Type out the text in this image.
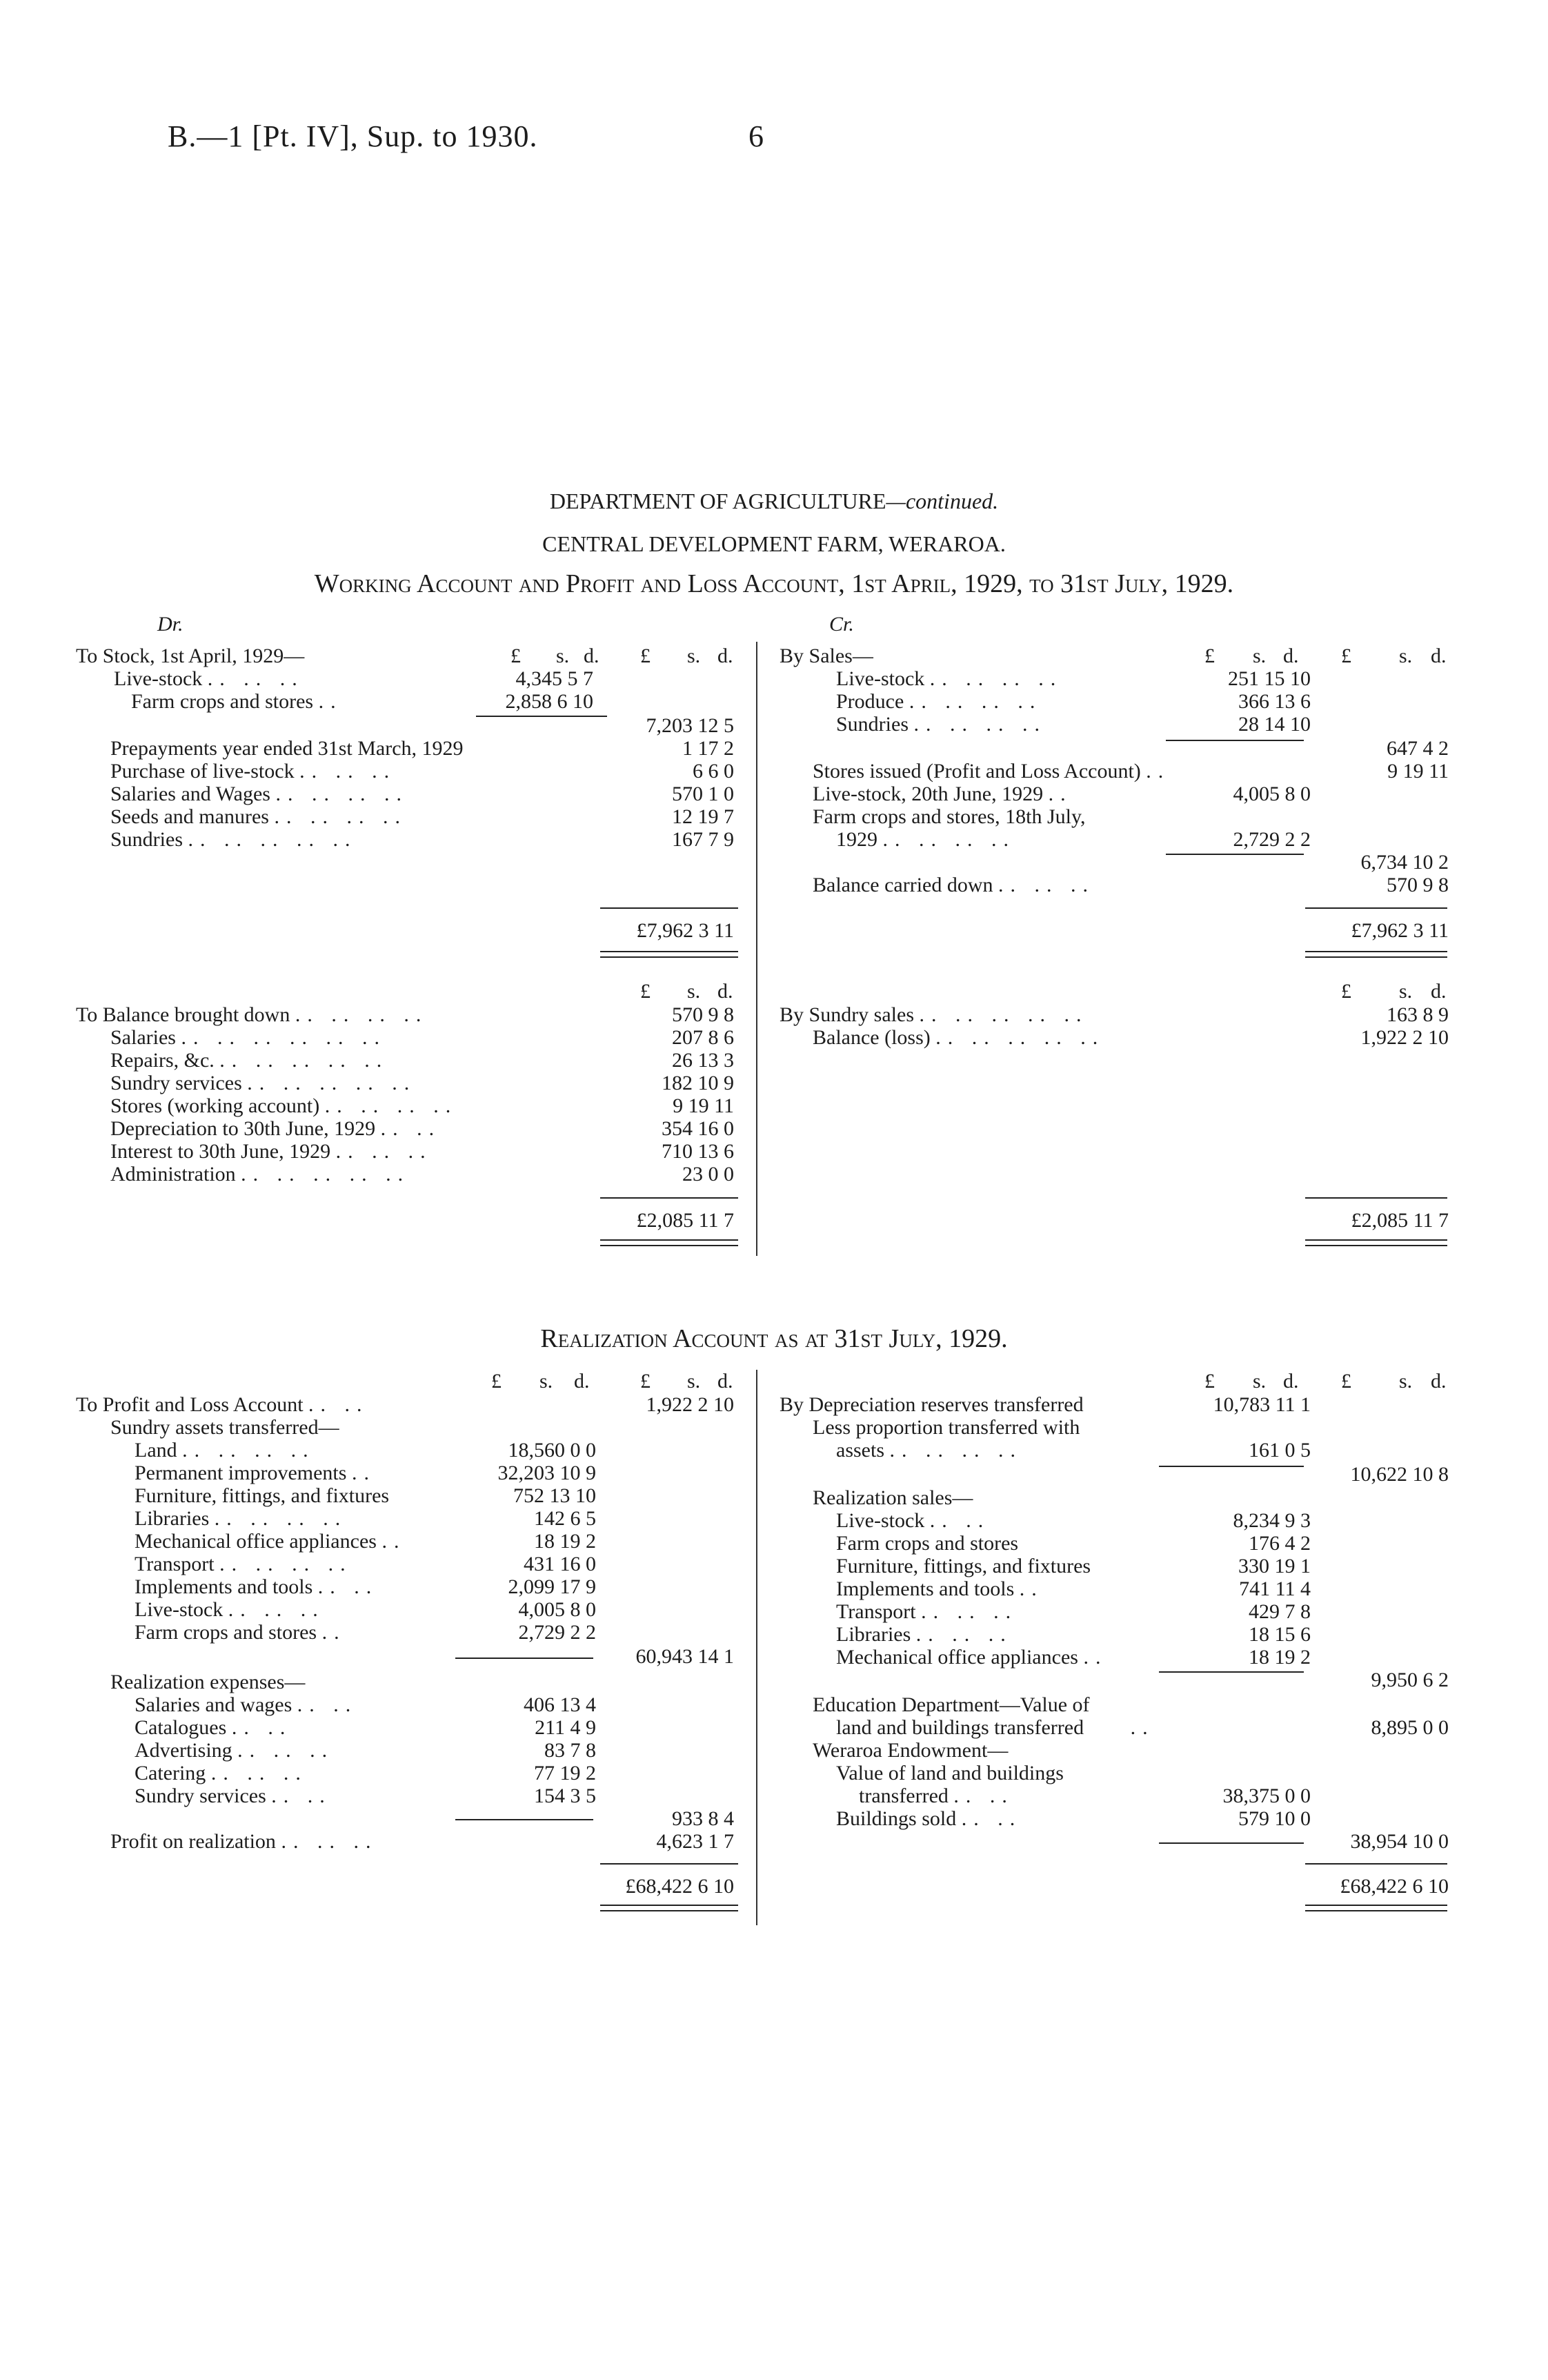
B.—1 [Pt. IV], Sup. to 1930.	6
DEPARTMENT OF AGRICULTURE—continued.
CENTRAL DEVELOPMENT FARM, WERAROA.
Working Account and Profit and Loss Account, 1st April, 1929, to 31st July, 1929.
Realization Account as at 31st July, 1929.
Dr.
£ s. d. £ s. d.
To Stock, 1st April, 1929—
Live-stock .. .. ..	4,345 5 7
Farm crops and stores ..	2,858 6 10
7,203 12 5
Prepayments year ended 31st March, 1929	1 17 2
Purchase of live-stock .. .. ..	6 6 0
Salaries and Wages .. .. .. ..	570 1 0
Seeds and manures .. .. .. ..	12 19 7
Sundries .. .. .. .. ..	167 7 9
£7,962 3 11
Cr.
£ s. d. £ s. d.
By Sales—
Live-stock .. .. .. ..	251 15 10
Produce .. .. .. ..	366 13 6
Sundries .. .. .. ..	28 14 10
647 4 2
Stores issued (Profit and Loss Account) ..	9 19 11
Live-stock, 20th June, 1929 ..	4,005 8 0
Farm crops and stores, 18th July,
1929 .. .. .. ..	2,729 2 2
6,734 10 2
Balance carried down .. .. ..	570 9 8
£7,962 3 11
£ s. d.
To Balance brought down .. .. .. ..	570 9 8
Salaries .. .. .. .. .. ..	207 8 6
Repairs, &c. .. .. .. .. ..	26 13 3
Sundry services .. .. .. .. ..	182 10 9
Stores (working account) .. .. .. ..	9 19 11
Depreciation to 30th June, 1929 .. ..	354 16 0
Interest to 30th June, 1929 .. .. ..	710 13 6
Administration .. .. .. .. ..	23 0 0
£2,085 11 7
£ s. d.
By Sundry sales .. .. .. .. ..	163 8 9
Balance (loss) .. .. .. .. ..	1,922 2 10
£2,085 11 7
£ s. d. £ s. d.
To Profit and Loss Account .. ..	1,922 2 10
Sundry assets transferred—
Land .. .. .. ..	18,560 0 0
Permanent improvements ..	32,203 10 9
Furniture, fittings, and fixtures	752 13 10
Libraries .. .. .. ..	142 6 5
Mechanical office appliances ..	18 19 2
Transport .. .. .. ..	431 16 0
Implements and tools .. ..	2,099 17 9
Live-stock .. .. ..	4,005 8 0
Farm crops and stores ..	2,729 2 2
60,943 14 1
Realization expenses—
Salaries and wages .. ..	406 13 4
Catalogues .. ..	211 4 9
Advertising .. .. ..	83 7 8
Catering .. .. ..	77 19 2
Sundry services .. ..	154 3 5
933 8 4
Profit on realization .. .. ..	4,623 1 7
£68,422 6 10
£ s. d. £ s. d.
By Depreciation reserves transferred	10,783 11 1
Less proportion transferred with
assets .. .. .. ..	161 0 5
10,622 10 8
Realization sales—
Live-stock .. ..	8,234 9 3
Farm crops and stores	176 4 2
Furniture, fittings, and fixtures	330 19 1
Implements and tools ..	741 11 4
Transport .. .. ..	429 7 8
Libraries .. .. ..	18 15 6
Mechanical office appliances ..	18 19 2
9,950 6 2
Education Department—Value of
land and buildings transferred ..	8,895 0 0
Weraroa Endowment—
Value of land and buildings
transferred .. ..	38,375 0 0
Buildings sold .. ..	579 10 0
38,954 10 0
£68,422 6 10
